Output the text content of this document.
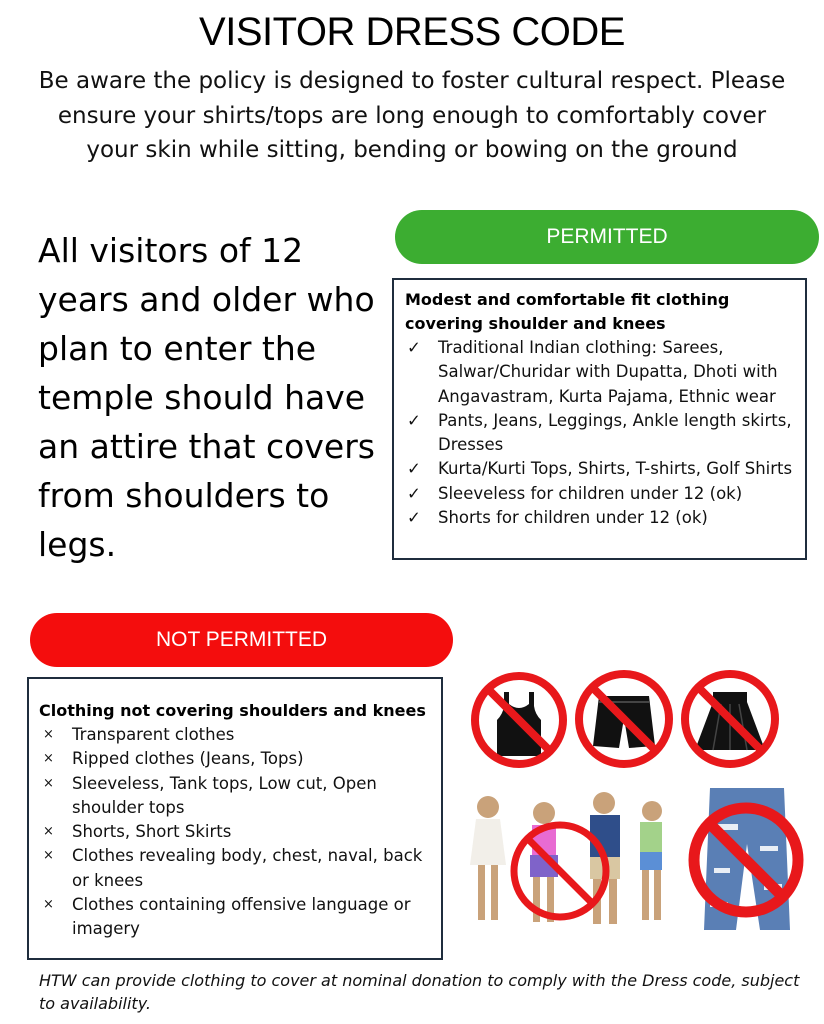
VISITOR DRESS CODE

Be aware the policy is designed to foster cultural respect. Please ensure your shirts/tops are long enough to comfortably cover your skin while sitting, bending or bowing on the ground

All visitors of 12 years and older who plan to enter the temple should have an attire that covers from shoulders to legs.

PERMITTED
Modest and comfortable fit clothing covering shoulder and knees
✓	Traditional Indian clothing: Sarees, Salwar/Churidar with Dupatta, Dhoti with Angavastram, Kurta Pajama, Ethnic wear
✓	Pants, Jeans, Leggings, Ankle length skirts, Dresses
✓	Kurta/Kurti Tops, Shirts, T-shirts, Golf Shirts
✓	Sleeveless for children under 12 (ok)
✓	Shorts for children under 12 (ok)
NOT PERMITTED
Clothing not covering shoulders and knees
×	Transparent clothes
×	Ripped clothes (Jeans, Tops)
×	Sleeveless, Tank tops, Low cut, Open shoulder tops
×	Shorts, Short Skirts
×	Clothes revealing body, chest, naval, back or knees
×	Clothes containing offensive language or imagery

HTW can provide clothing to cover at nominal donation to comply with the Dress code, subject to availability.
